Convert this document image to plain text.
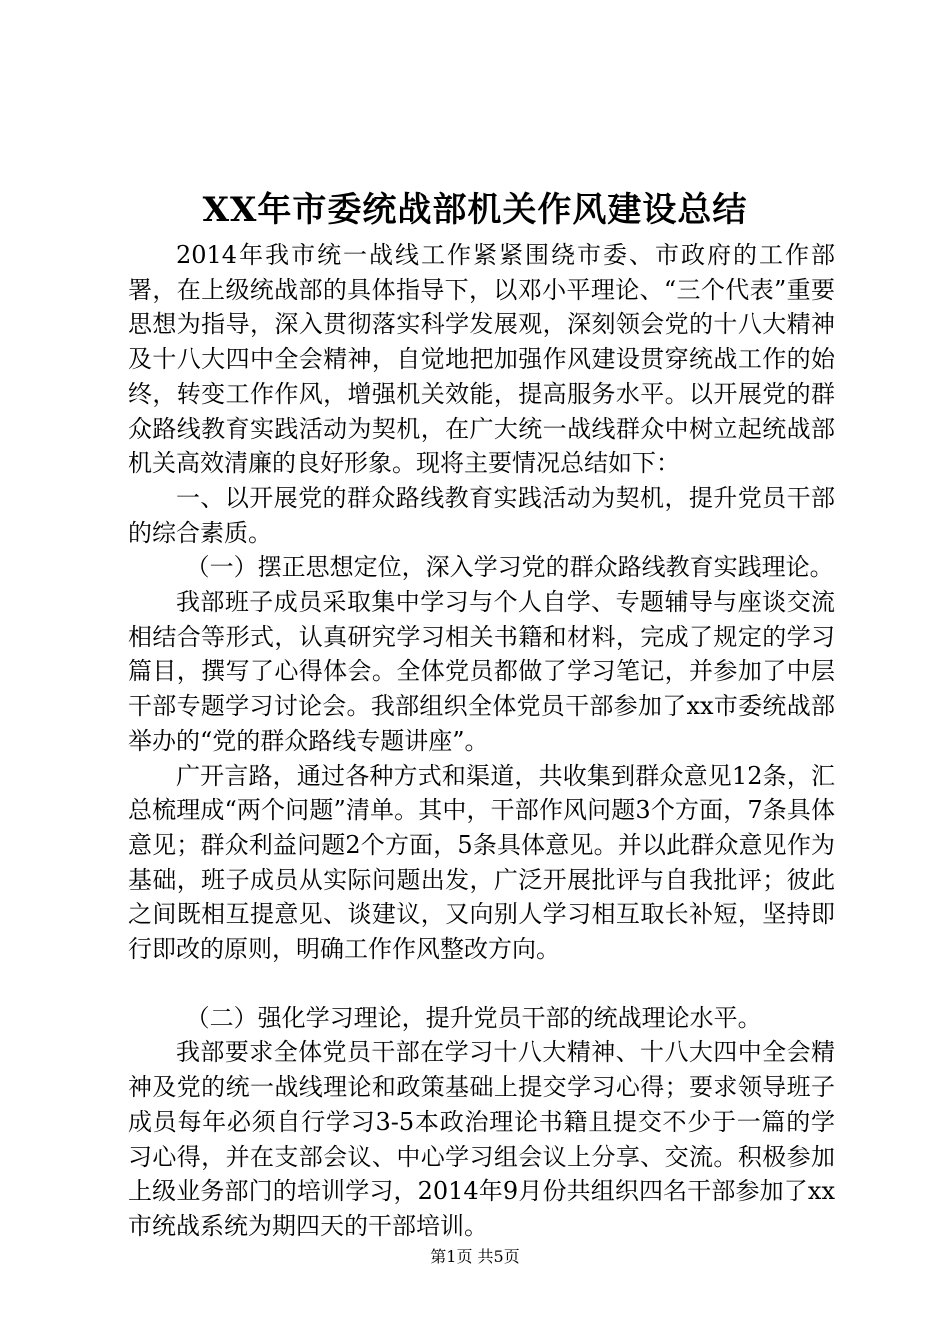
XX年市委统战部机关作风建设总结

2014年我市统一战线工作紧紧围绕市委、市政府的工作部署，在上级统战部的具体指导下，以邓小平理论、“三个代表”重要思想为指导，深入贯彻落实科学发展观，深刻领会党的十八大精神及十八大四中全会精神，自觉地把加强作风建设贯穿统战工作的始终，转变工作作风，增强机关效能，提高服务水平。以开展党的群众路线教育实践活动为契机，在广大统一战线群众中树立起统战部机关高效清廉的良好形象。现将主要情况总结如下：

一、以开展党的群众路线教育实践活动为契机，提升党员干部的综合素质。

（一）摆正思想定位，深入学习党的群众路线教育实践理论。

我部班子成员采取集中学习与个人自学、专题辅导与座谈交流相结合等形式，认真研究学习相关书籍和材料，完成了规定的学习篇目，撰写了心得体会。全体党员都做了学习笔记，并参加了中层干部专题学习讨论会。我部组织全体党员干部参加了xx市委统战部举办的“党的群众路线专题讲座”。

广开言路，通过各种方式和渠道，共收集到群众意见12条，汇总梳理成“两个问题”清单。其中，干部作风问题3个方面，7条具体意见；群众利益问题2个方面，5条具体意见。并以此群众意见作为基础，班子成员从实际问题出发，广泛开展批评与自我批评；彼此之间既相互提意见、谈建议，又向别人学习相互取长补短，坚持即行即改的原则，明确工作作风整改方向。

（二）强化学习理论，提升党员干部的统战理论水平。

我部要求全体党员干部在学习十八大精神、十八大四中全会精神及党的统一战线理论和政策基础上提交学习心得；要求领导班子成员每年必须自行学习3-5本政治理论书籍且提交不少于一篇的学习心得，并在支部会议、中心学习组会议上分享、交流。积极参加上级业务部门的培训学习，2014年9月份共组织四名干部参加了xx市统战系统为期四天的干部培训。

第1页 共5页
